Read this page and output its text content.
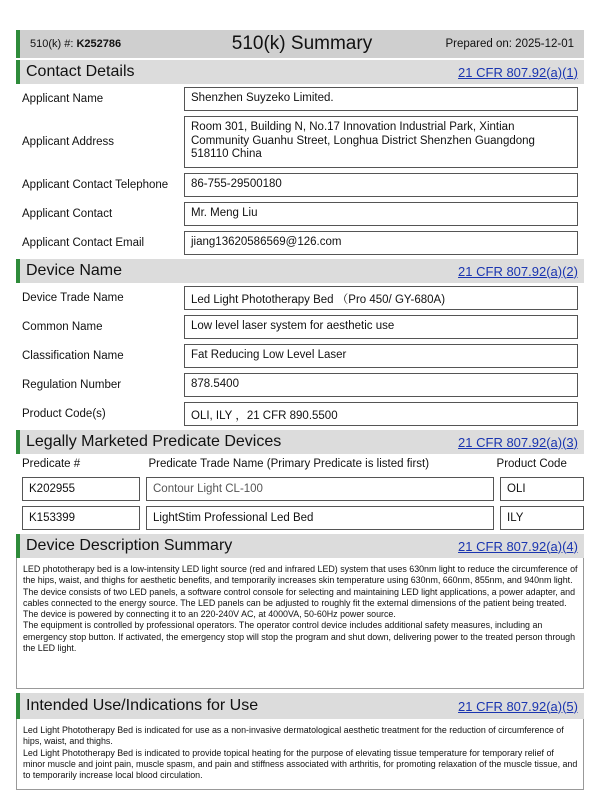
510(k) #: K252786	510(k) Summary	Prepared on: 2025-12-01
Contact Details	21 CFR 807.92(a)(1)
Applicant Name	Shenzhen Suyzeko Limited.
Applicant Address
Room 301, Building N, No.17 Innovation Industrial Park, Xintian
Community Guanhu Street, Longhua District Shenzhen Guangdong
518110 China
Applicant Contact Telephone	86-755-29500180
Applicant Contact	Mr. Meng Liu
Applicant Contact Email	jiang13620586569@126.com
Device Name	21 CFR 807.92(a)(2)
Device Trade Name	Led Light Phototherapy Bed （Pro 450/ GY-680A)
Common Name	Low level laser system for aesthetic use
Classification Name	Fat Reducing Low Level Laser
Regulation Number	878.5400
Product Code(s)	OLI, ILY ，21 CFR 890.5500
Legally Marketed Predicate Devices	21 CFR 807.92(a)(3)
Predicate #	Predicate Trade Name (Primary Predicate is listed first)	Product Code
K202955	Contour Light CL-100	OLI
K153399	LightStim Professional Led Bed	ILY
Device Description Summary	21 CFR 807.92(a)(4)

LED phototherapy bed is a low-intensity LED light source (red and infrared LED) system that uses 630nm light to reduce the circumference of the hips, waist, and thighs for aesthetic benefits, and temporarily increases skin temperature using 630nm, 660nm, 855nm, and 940nm light.

The device consists of two LED panels, a software control console for selecting and maintaining LED light applications, a power adapter, and cables connected to the energy source. The LED panels can be adjusted to roughly fit the external dimensions of the patient being treated. The device is powered by connecting it to an 220-240V AC, at 4000VA, 50-60Hz power source.

The equipment is controlled by professional operators. The operator control device includes additional safety measures, including an emergency stop button. If activated, the emergency stop will stop the program and shut down, delivering power to the treated person through the LED light.

Intended Use/Indications for Use	21 CFR 807.92(a)(5)

Led Light Phototherapy Bed is indicated for use as a non-invasive dermatological aesthetic treatment for the reduction of circumference of hips, waist, and thighs.

Led Light Phototherapy Bed is indicated to provide topical heating for the purpose of elevating tissue temperature for temporary relief of minor muscle and joint pain, muscle spasm, and pain and stiffness associated with arthritis, for promoting relaxation of the muscle tissue, and to temporarily increase local blood circulation.
